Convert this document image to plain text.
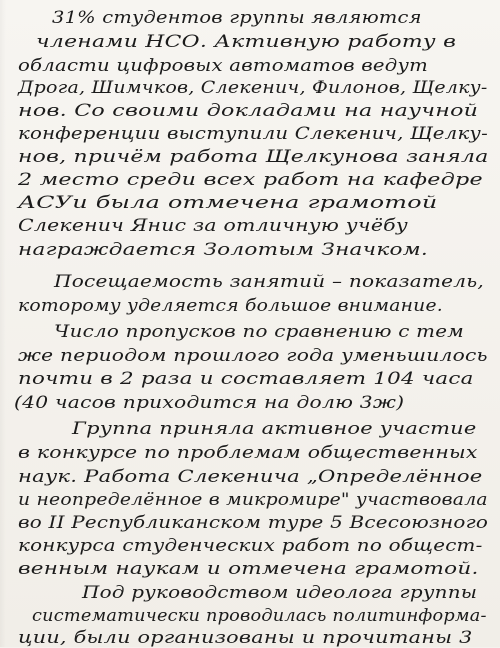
31% студентов группы являются
членами НСО. Активную работу в
области цифровых автоматов ведут
Дрога, Шимчков, Слекенич, Филонов, Щелку-
нов. Со своими докладами на научной
конференции выступили Слекенич, Щелку-
нов, причём работа Щелкунова заняла
2 место среди всех работ на кафедре
АСУи была отмечена грамотой
Слекенич Янис за отличную учёбу
награждается Золотым Значком.
Посещаемость занятий – показатель,
которому уделяется большое внимание.
Число пропусков по сравнению с тем
же периодом прошлого года уменьшилось
почти в 2 раза и составляет 104 часа
(40 часов приходится на долю 3ж)
Группа приняла активное участие
в конкурсе по проблемам общественных
наук. Работа Слекенича „Определённое
и неопределённое в микромире" участвовала
во II Республиканском туре 5 Всесоюзного
конкурса студенческих работ по общест-
венным наукам и отмечена грамотой.
Под руководством идеолога группы
систематически проводилась политинформа-
ции, были организованы и прочитаны 3
